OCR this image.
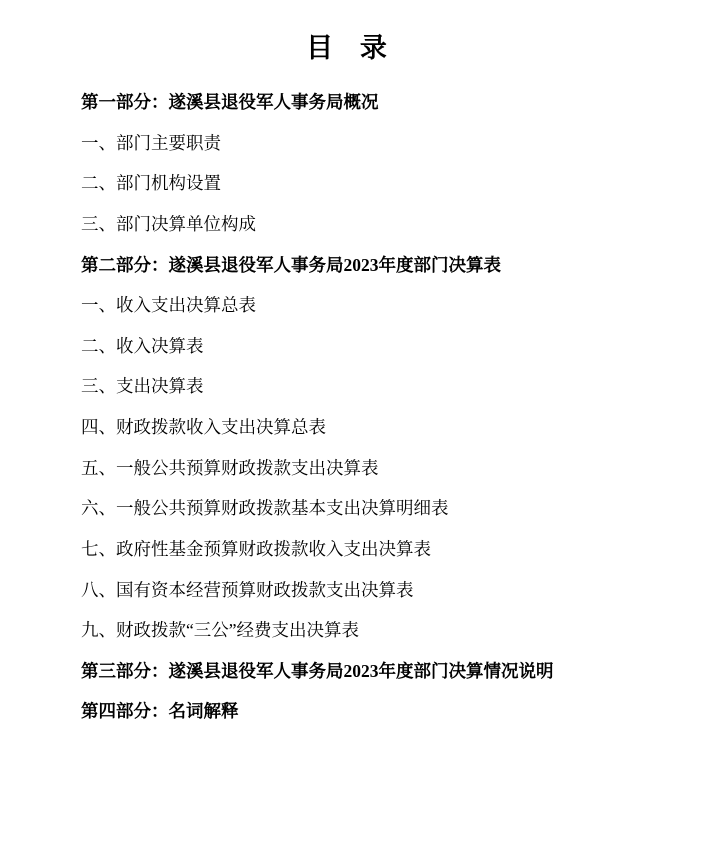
目 录
第一部分：遂溪县退役军人事务局概况
一、部门主要职责
二、部门机构设置
三、部门决算单位构成
第二部分：遂溪县退役军人事务局2023年度部门决算表
一、收入支出决算总表
二、收入决算表
三、支出决算表
四、财政拨款收入支出决算总表
五、一般公共预算财政拨款支出决算表
六、一般公共预算财政拨款基本支出决算明细表
七、政府性基金预算财政拨款收入支出决算表
八、国有资本经营预算财政拨款支出决算表
九、财政拨款“三公”经费支出决算表
第三部分：遂溪县退役军人事务局2023年度部门决算情况说明
第四部分：名词解释
